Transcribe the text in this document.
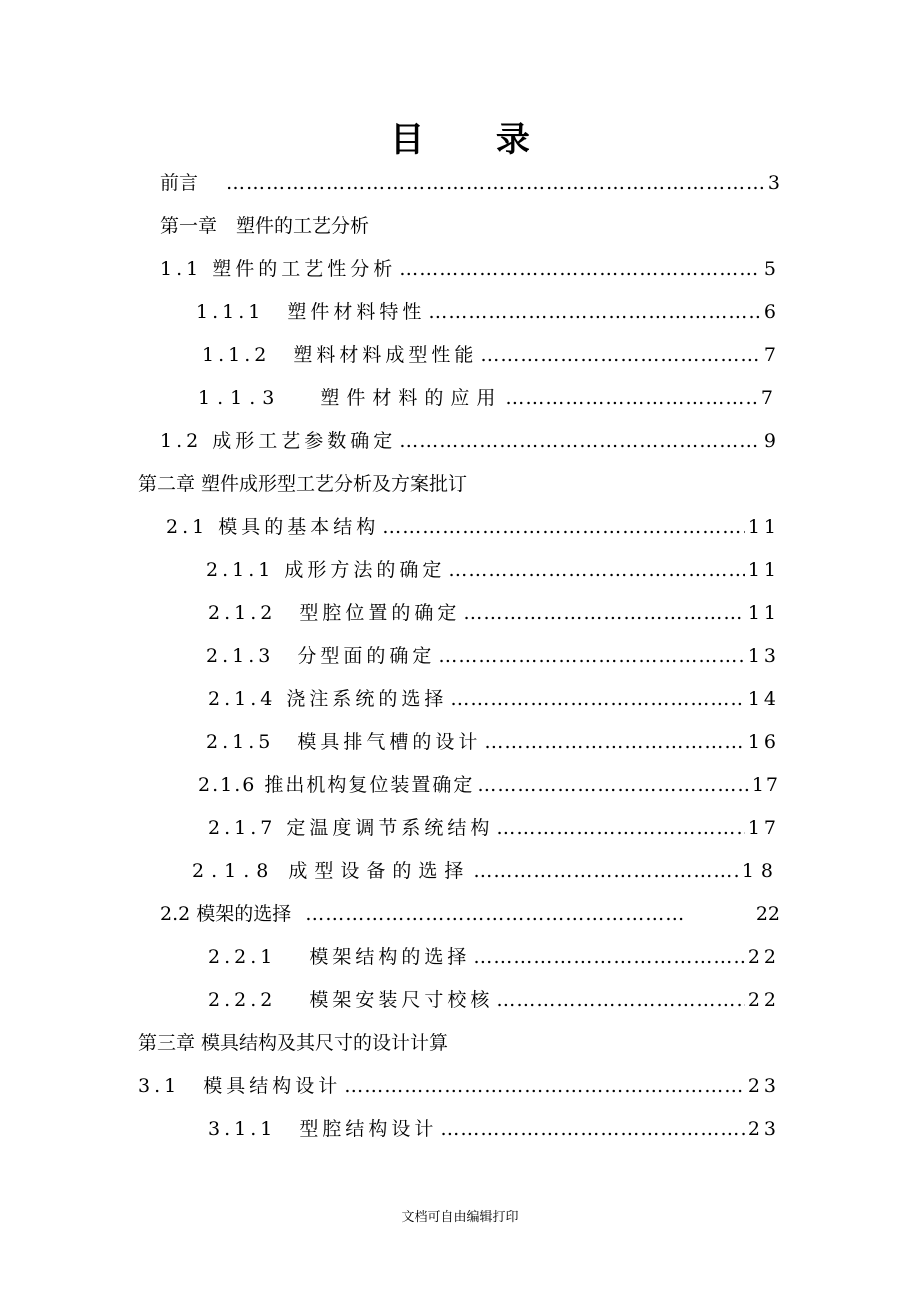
目 录
前言 ……………………………………………………………………………………………………………………………………	3
第一章　塑件的工艺分析
1.1 塑件的工艺性分析 ……………………………………………………………………………………………………………………………………	5
1.1.1　塑件材料特性 ……………………………………………………………………………………………………………………………………	6
1.1.2　塑料材料成型性能 ……………………………………………………………………………………………………………………………………	7
1.1.3　 塑件材料的应用 ……………………………………………………………………………………………………………………………………	7
1.2 成形工艺参数确定 ……………………………………………………………………………………………………………………………………	9
第二章 塑件成形型工艺分析及方案批订
2.1 模具的基本结构 ……………………………………………………………………………………………………………………………………	11
2.1.1 成形方法的确定 ……………………………………………………………………………………………………………………………………	11
2.1.2　型腔位置的确定 ……………………………………………………………………………………………………………………………………	11
2.1.3　分型面的确定 ……………………………………………………………………………………………………………………………………	13
2.1.4 浇注系统的选择 ……………………………………………………………………………………………………………………………………	14
2.1.5　模具排气槽的设计 ……………………………………………………………………………………………………………………………………	16
2.1.6 推出机构复位装置确定 ……………………………………………………………………………………………………………………………………	17
2.1.7 定温度调节系统结构 ……………………………………………………………………………………………………………………………………	17
2.1.8 成型设备的选择 ……………………………………………………………………………………………………………………………………	18
2.2 模架的选择 ……………………………………………………………………………………………………………………………………	22
2.2.1　 模架结构的选择 ……………………………………………………………………………………………………………………………………	22
2.2.2　 模架安装尺寸校核 ……………………………………………………………………………………………………………………………………	22
第三章 模具结构及其尺寸的设计计算
3.1　模具结构设计 ……………………………………………………………………………………………………………………………………	23
3.1.1　型腔结构设计 ……………………………………………………………………………………………………………………………………	23
文档可自由编辑打印
